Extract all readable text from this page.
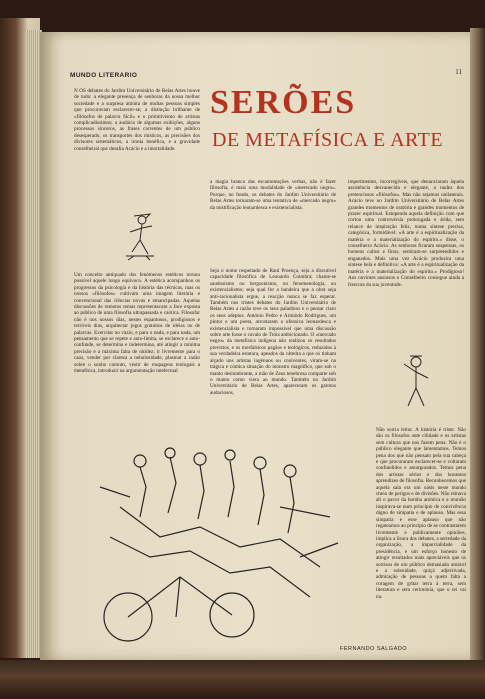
MUNDO LITERARIO	11
SERÕES
DE METAFÍSICA E ARTE
N OS debates do Jardim Universitário de Belas Artes houve de tudo: a elegante presença de senhoras da nossa melhor sociedade e a surpresa atónita de multas pessoas simples que procuravam esclarecer-se; a distinção brilhante de «filósofos de palavra fácil» e o primitivismo de artistas complicadíssimos; a audácia de algumas exibições, alguns processos sinceros, as frases correntes de um público desesperado, os transportes dos místicos, as precisões dos divisores sistemáticos, a ironia benéfica, e a gravidade conselheiral que desafia Acácio e a imortalidade.
Um conceito antiquado dos fenómenos estéticos tornou possível aquele longo equívoco. A estética acompanhou os progressos da psicologia e da história das técnicas, mas os nossos «filósofos» cultivam uma imagem literária e convencional das ciências novas e emancipadas. Aquelas discussões de remotos temas representavam a face exposta ao público de uma filosofia ultrapassada e caótica. Filosofar não é nos nossos dias, nestes espantosos, prodigiosos e terríveis dias, arquitectar jogos gratuitos de ideias ou de palavras. Exercitar no vazio, e para o nada, e para nada, um pensamento que se repete e auto-limita, se esclarece e auto-confunde, se determina e indetermina, até atingir a mínima precisão e a máxima falta de nitidez; ir livremente para o caos, vender por clareza a nebulosidade, plasmar a razão sobre o sonho comum, vestir de roupagens teologais a metafísica, introduzir na argumentação intelectual
a magia branca das escamoteações verbas, não é fazer filosofia, é mais uma modalidade de «merecado negro». Porque, no fundo, os debates do Jardim Universitário de Belas Artes tornaram-se uma tentativa de «mercado negro» da mistificação leonardesca e existencialista.
Seja o nome respeitado de Raul Proença, seja a discutível capacidade filosófica de Leonardo Coimbra; chame-se saudosismo ou bergsonismo, ou fenomenologia, ou existencialismo; seja qual for a bandeira que a obra seja anti-racionalista ergue, a reacção nunca se faz esperar. Também nos tristes debates do Jardim Universitário de Belas Artes a razão teve os seus paladinos e o pensar claro os seus adeptos. António Pedro e Armindo Rodrigues, um pintor e um poeta, arrostaram a ofensiva leonardesca e existencialista e tornaram impossível que uma discussão sobre arte fosse o cavalo de Tróia ambicionado. O «mercado negro» da metafísica indígena não realizou os resultados previstos, e os morfalsicos pagãos e teológicos, reduzidos à sua verdadeira estatura, apeados da cátedra a que os tinham alçado uns artistas ingénuos ou coniventes, viram-se na trágica e cómica situação do monstro magnífico, que sob o manto deslumbrante, a mão de Zeus tenebrosa comparte sob o manto como viera ao mundo. Também no Jardim Universitário de Belas Artes, apareceram os garotos audaciosos,
impertinentes, incorregíveis, que denunciaram àquela assistência desvanecida e elegante, a nudez dos pretenciosos «filósofos». Mas não sejamos unilaterais. Acácio teve no Jardim Universitário de Belas Artes grandes momentos de oratória e grandes momentos de prazer espiritual. Estupenda aquela definição com que cortou uma controvérsia prolongada e árida, sem relance de inspiração feliz, numa síntese precisa, categórica, formidável: «A arte é a espiritualização da matéria e a materialização do espírito.» disse, o conselheiro Acácio. As senhoras ficaram suspensas, os homens cultos e finos, sentiram-se surpreendidos e enganados. Mais uma vez Acácio produzira uma síntese bela e definitiva: «A arte é a espiritualização da matéria e a materialização do espírito.» Prodigioso! Aos ouvintes ansiosos o Conselheiro consegue ainda a frescura da sua juventude.
Não sorria leitor. A história é triste. Não são os filósofos ante cilidade e os artistas sem cultura que nos fazem pena. Não é o público elegante que lamentamos. Temos pena dos que não pensam pela sua cabeça e que procuraram esclarecer-se e voltaram confundidos e amargurados. Temos pena dos artistas sérios e dos honestos aprendizes de filosofia. Reconhecemos que aquela sala era um oásis neste mundo cheio de perigos e de divisões. Não reinava ali o pavor da bomba atómica e a reunião inspirava-se num princípio de convivência digno de simpatia e de aplauso. Mas essa simpatia e esse aplauso que não regateamos ao princípio de se contrastarem livremente e publicamente opiniões, implica a lisura dos debates, a seriedade da organização, a imparcialidade da presidência, e um esforço honesto de atingir resultados mais apreciáveis que os sorrisos de um público demasiado amável e a solenidade, quiçá adjectivada, admiração de pessoas a quem falta a coragem de gritar terra à terra, sem literatura e sem cerimónia, que o rei vai nu.
FERNANDO SALGADO
